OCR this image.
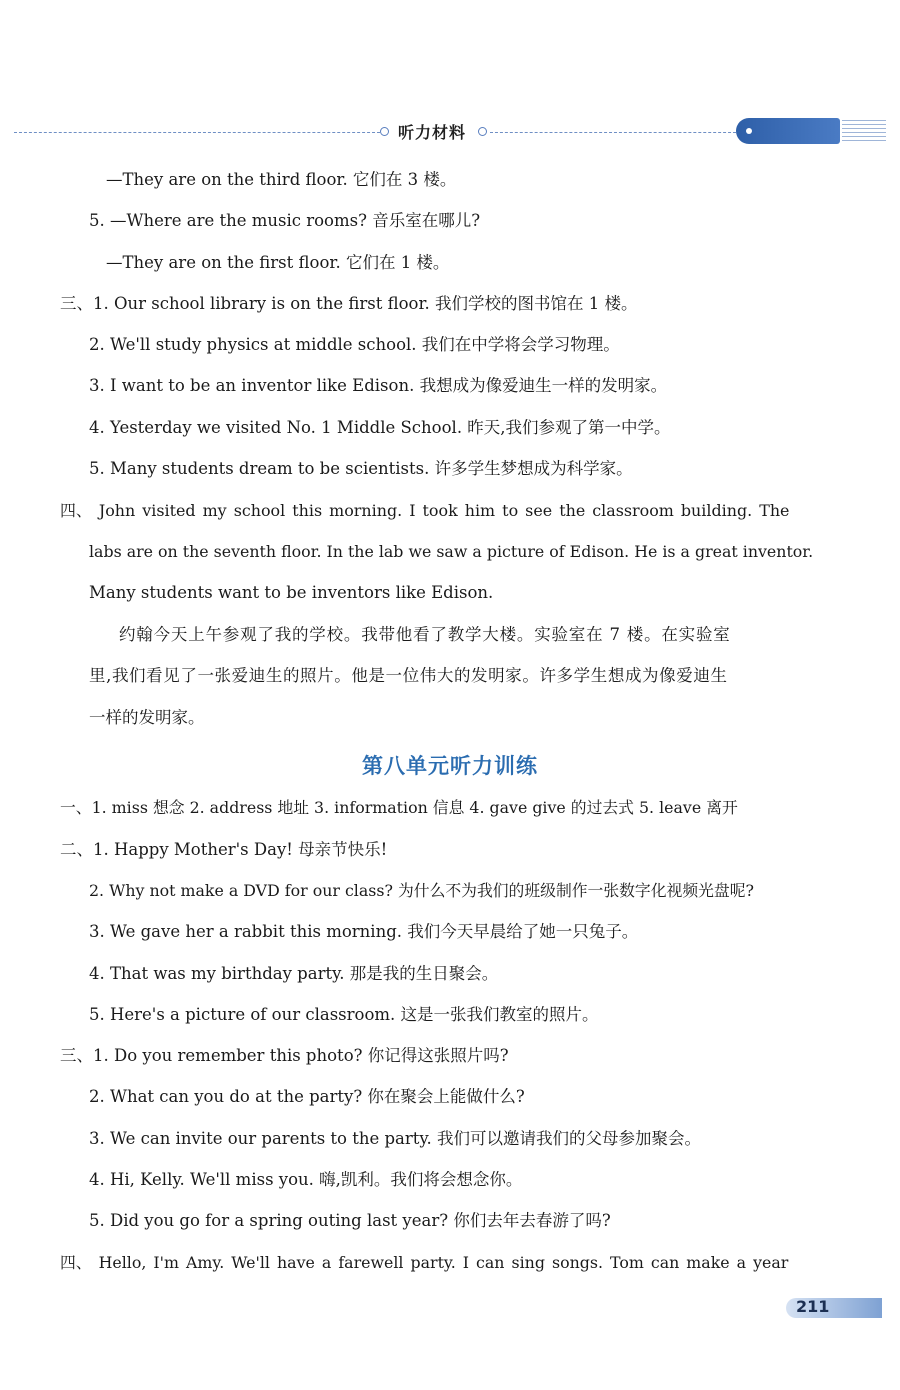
听力材料
—They are on the third floor. 它们在 3 楼。
5. —Where are the music rooms? 音乐室在哪儿?
—They are on the first floor. 它们在 1 楼。
三、1. Our school library is on the first floor. 我们学校的图书馆在 1 楼。
2. We'll study physics at middle school. 我们在中学将会学习物理。
3. I want to be an inventor like Edison. 我想成为像爱迪生一样的发明家。
4. Yesterday we visited No. 1 Middle School. 昨天,我们参观了第一中学。
5. Many students dream to be scientists. 许多学生梦想成为科学家。
四、 John visited my school this morning. I took him to see the classroom building. The
labs are on the seventh floor. In the lab we saw a picture of Edison. He is a great inventor.
Many students want to be inventors like Edison.
约翰今天上午参观了我的学校。我带他看了教学大楼。实验室在 7 楼。在实验室
里,我们看见了一张爱迪生的照片。他是一位伟大的发明家。许多学生想成为像爱迪生
一样的发明家。
第八单元听力训练
一、1. miss 想念 2. address 地址 3. information 信息 4. gave give 的过去式 5. leave 离开
二、1. Happy Mother's Day! 母亲节快乐!
2. Why not make a DVD for our class? 为什么不为我们的班级制作一张数字化视频光盘呢?
3. We gave her a rabbit this morning. 我们今天早晨给了她一只兔子。
4. That was my birthday party. 那是我的生日聚会。
5. Here's a picture of our classroom. 这是一张我们教室的照片。
三、1. Do you remember this photo? 你记得这张照片吗?
2. What can you do at the party? 你在聚会上能做什么?
3. We can invite our parents to the party. 我们可以邀请我们的父母参加聚会。
4. Hi, Kelly. We'll miss you. 嗨,凯利。我们将会想念你。
5. Did you go for a spring outing last year? 你们去年去春游了吗?
四、 Hello, I'm Amy. We'll have a farewell party. I can sing songs. Tom can make a year
211
